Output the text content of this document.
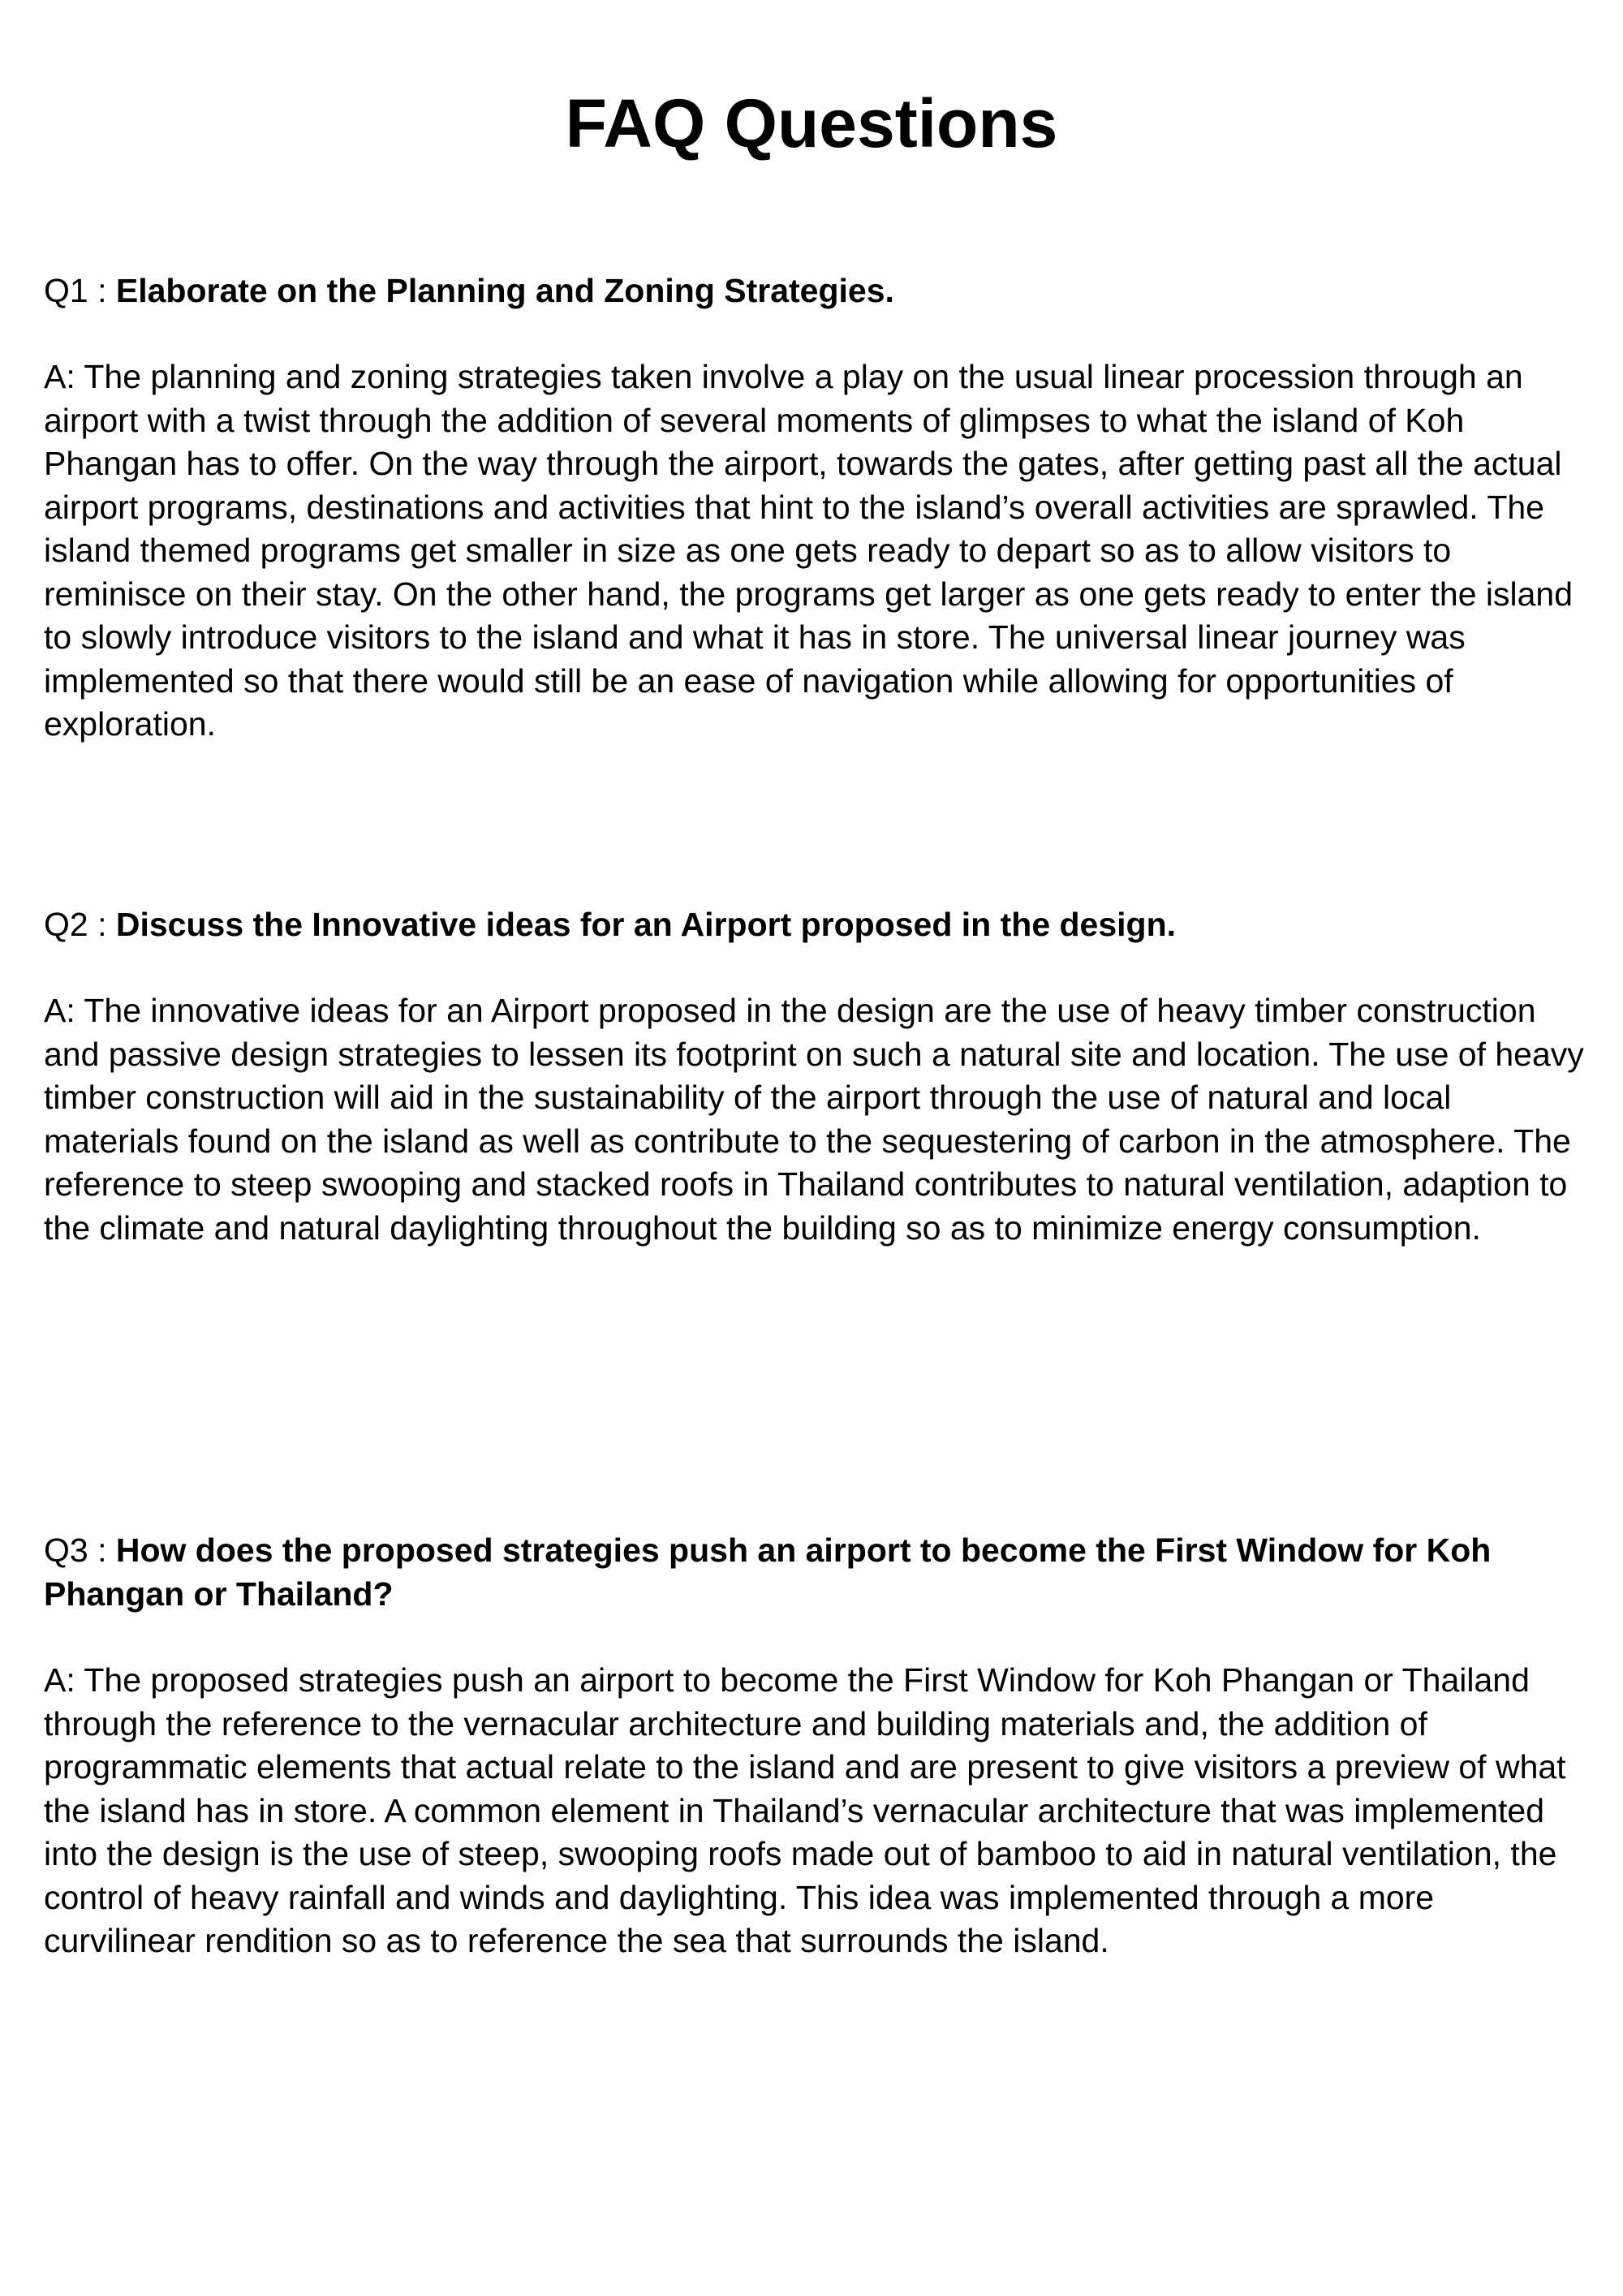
FAQ Questions

Q1 : Elaborate on the Planning and Zoning Strategies.

A: The planning and zoning strategies taken involve a play on the usual linear procession through an airport with a twist through the addition of several moments of glimpses to what the island of Koh Phangan has to offer. On the way through the airport, towards the gates, after getting past all the actual airport programs, destinations and activities that hint to the island’s overall activities are sprawled. The island themed programs get smaller in size as one gets ready to depart so as to allow visitors to reminisce on their stay. On the other hand, the programs get larger as one gets ready to enter the island to slowly introduce visitors to the island and what it has in store. The universal linear journey was implemented so that there would still be an ease of navigation while allowing for opportunities of exploration.

Q2 : Discuss the Innovative ideas for an Airport proposed in the design.

A: The innovative ideas for an Airport proposed in the design are the use of heavy timber construction and passive design strategies to lessen its footprint on such a natural site and location. The use of heavy timber construction will aid in the sustainability of the airport through the use of natural and local materials found on the island as well as contribute to the sequestering of carbon in the atmosphere. The reference to steep swooping and stacked roofs in Thailand contributes to natural ventilation, adaption to the climate and natural daylighting throughout the building so as to minimize energy consumption.

Q3 : How does the proposed strategies push an airport to become the First Window for Koh Phangan or Thailand?

A: The proposed strategies push an airport to become the First Window for Koh Phangan or Thailand through the reference to the vernacular architecture and building materials and, the addition of programmatic elements that actual relate to the island and are present to give visitors a preview of what the island has in store. A common element in Thailand’s vernacular architecture that was implemented into the design is the use of steep, swooping roofs made out of bamboo to aid in natural ventilation, the control of heavy rainfall and winds and daylighting. This idea was implemented through a more curvilinear rendition so as to reference the sea that surrounds the island.
